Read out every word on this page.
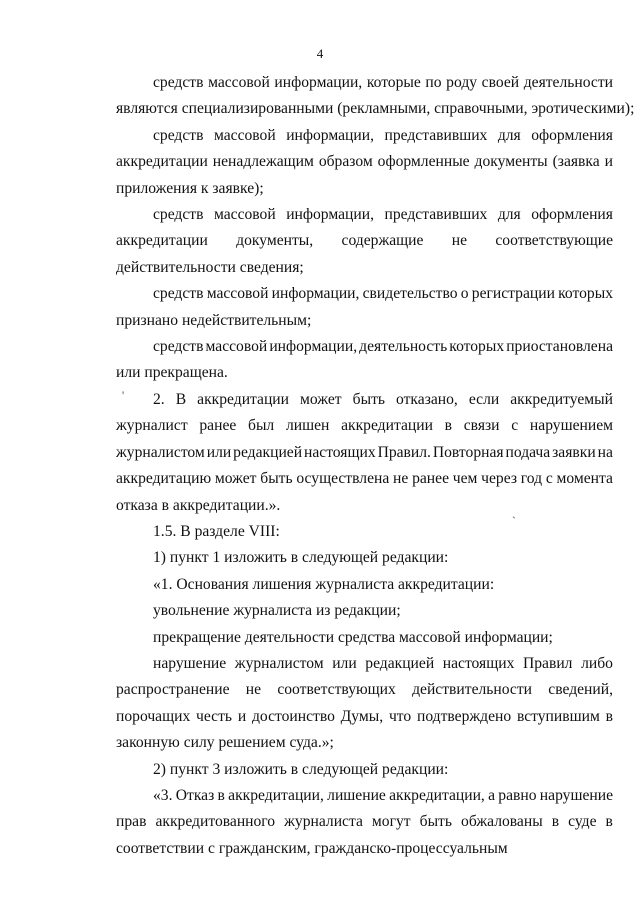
4
средств массовой информации, которые по роду своей деятельности
являются специализированными (рекламными, справочными, эротическими);
средств массовой информации, представивших для оформления
аккредитации ненадлежащим образом оформленные документы (заявка и
приложения к заявке);
средств массовой информации, представивших для оформления
аккредитации документы, содержащие не соответствующие
действительности сведения;
средств массовой информации, свидетельство о регистрации которых
признано недействительным;
средств массовой информации, деятельность которых приостановлена
или прекращена.
2. В аккредитации может быть отказано, если аккредитуемый
журналист ранее был лишен аккредитации в связи с нарушением
журналистом или редакцией настоящих Правил. Повторная подача заявки на
аккредитацию может быть осуществлена не ранее чем через год с момента
отказа в аккредитации.».
1.5. В разделе VIII:
1) пункт 1 изложить в следующей редакции:
«1. Основания лишения журналиста аккредитации:
увольнение журналиста из редакции;
прекращение деятельности средства массовой информации;
нарушение журналистом или редакцией настоящих Правил либо
распространение не соответствующих действительности сведений,
порочащих честь и достоинство Думы, что подтверждено вступившим в
законную силу решением суда.»;
2) пункт 3 изложить в следующей редакции:
«3. Отказ в аккредитации, лишение аккредитации, а равно нарушение
прав аккредитованного журналиста могут быть обжалованы в суде в
соответствии с гражданским, гражданско-процессуальным
'
`
